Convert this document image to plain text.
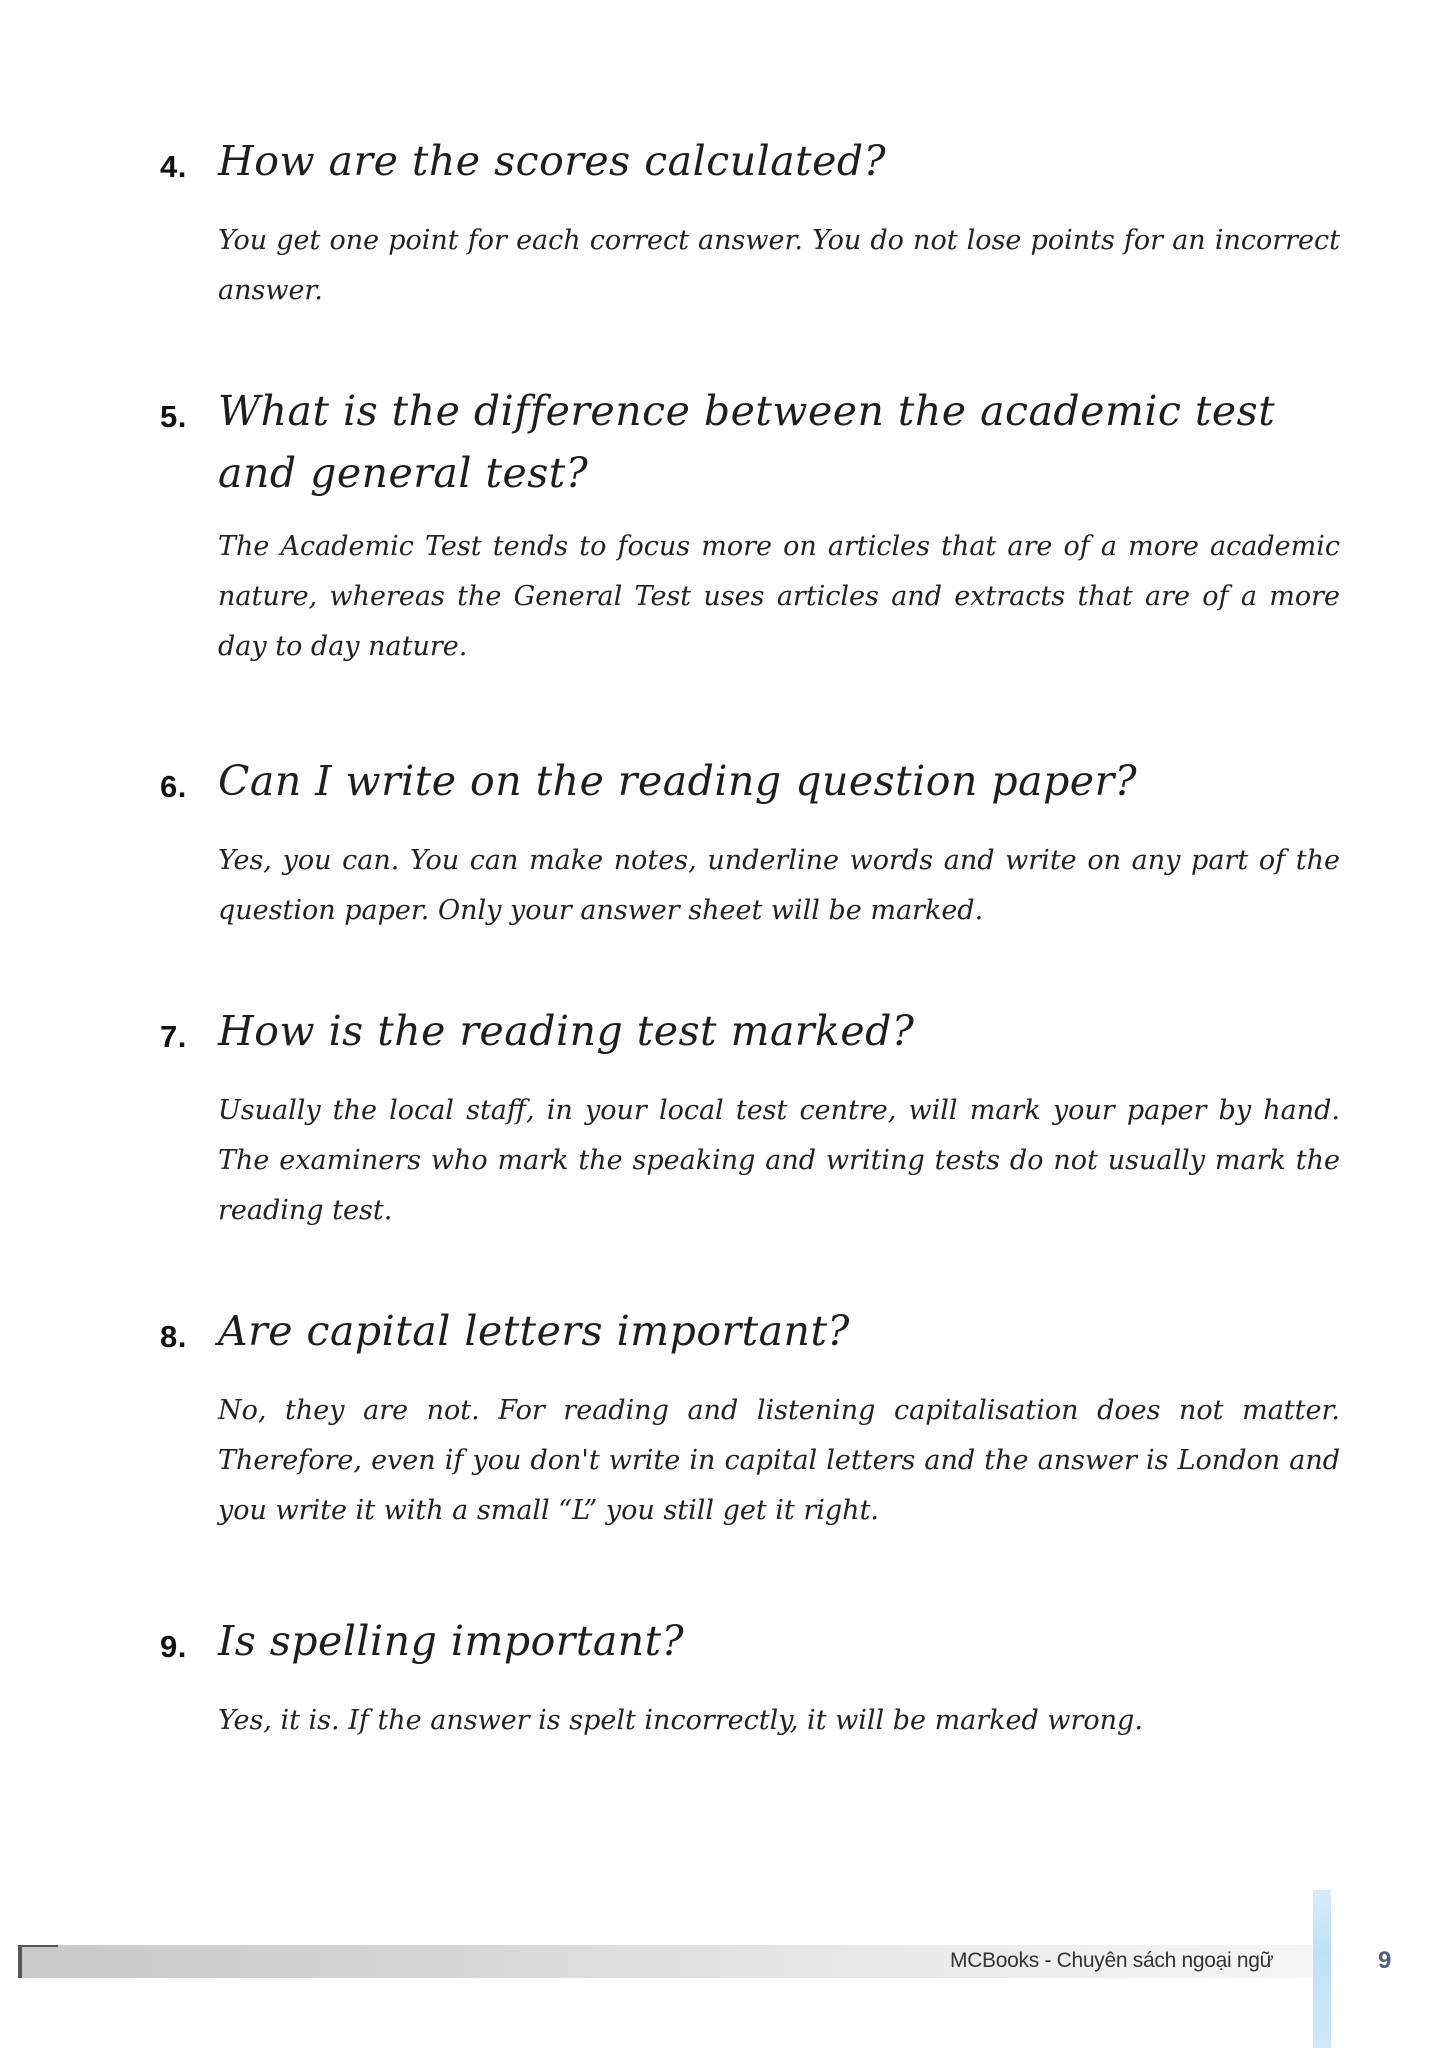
4. How are the scores calculated?
You get one point for each correct answer. You do not lose points for an incorrect answer.
5. What is the difference between the academic test and general test?
The Academic Test tends to focus more on articles that are of a more academic nature, whereas the General Test uses articles and extracts that are of a more day to day nature.
6. Can I write on the reading question paper?
Yes, you can. You can make notes, underline words and write on any part of the question paper. Only your answer sheet will be marked.
7. How is the reading test marked?
Usually the local staff, in your local test centre, will mark your paper by hand. The examiners who mark the speaking and writing tests do not usually mark the reading test.
8. Are capital letters important?
No, they are not. For reading and listening capitalisation does not matter. Therefore, even if you don't write in capital letters and the answer is London and you write it with a small “L” you still get it right.
9. Is spelling important?
Yes, it is. If the answer is spelt incorrectly, it will be marked wrong.
MCBooks - Chuyên sách ngoại ngữ	9
